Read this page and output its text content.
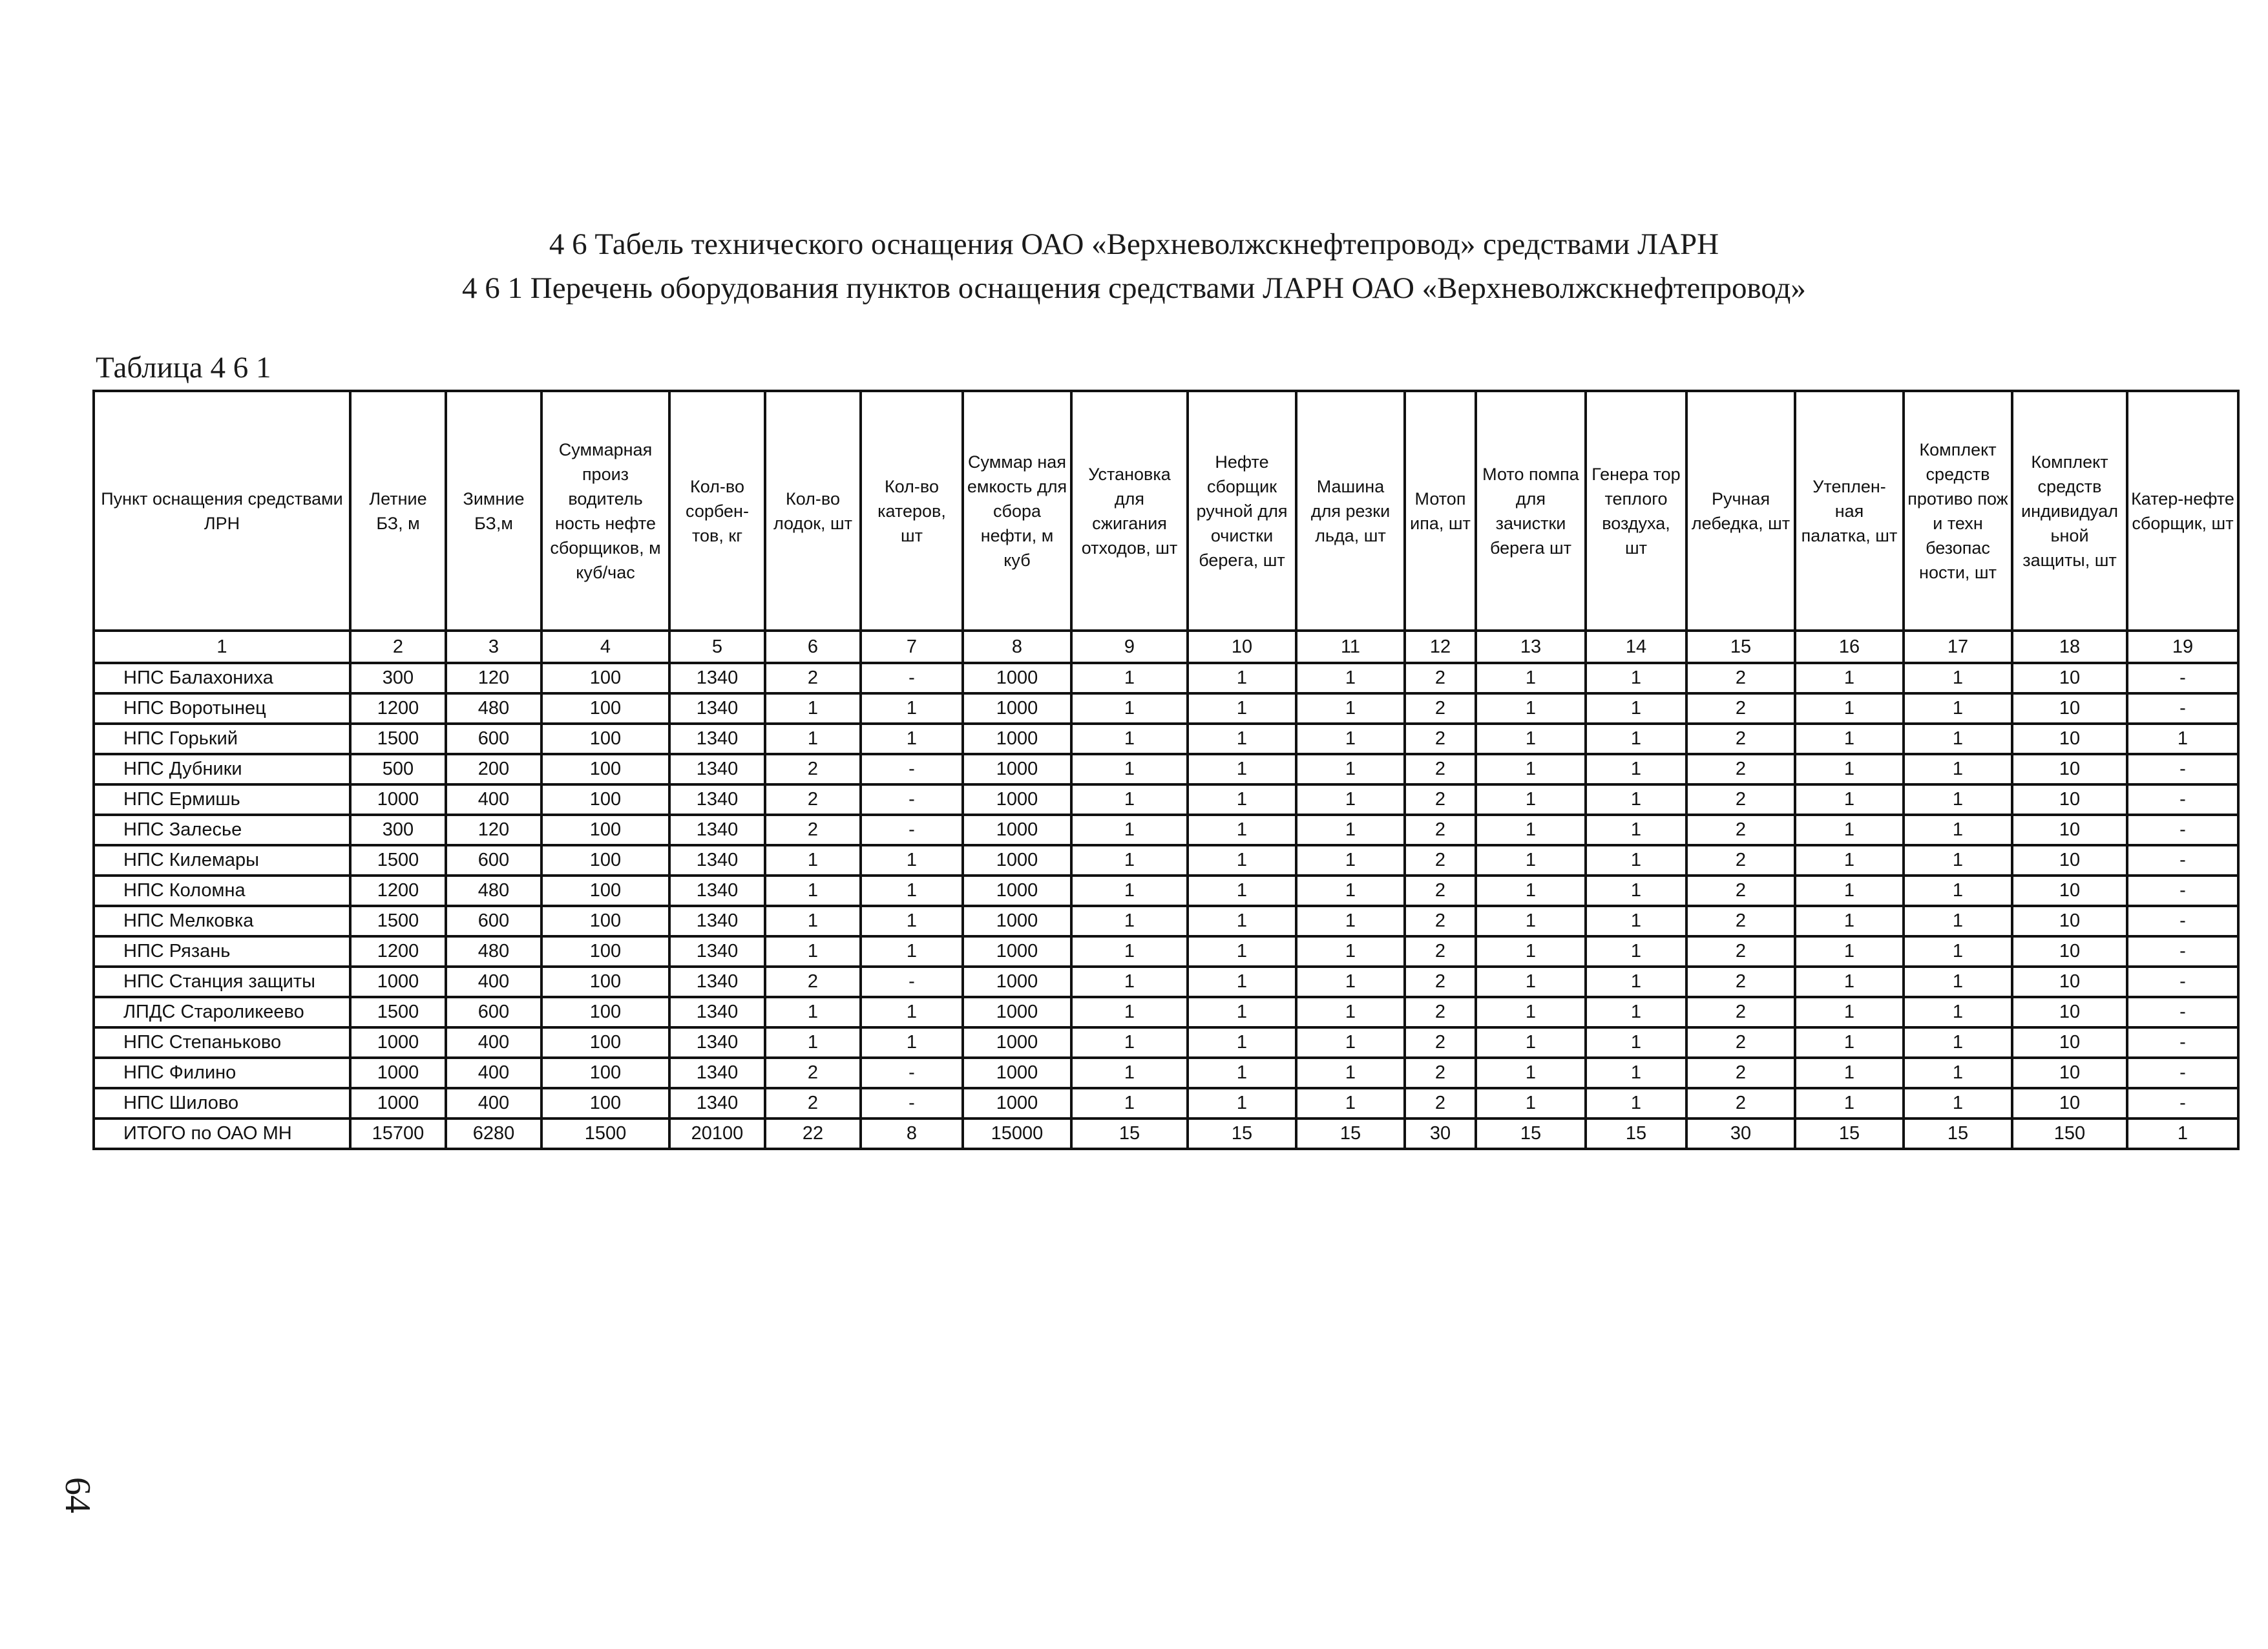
4 6 Табель технического оснащения ОАО «Верхневолжскнефтепровод» средствами ЛАРН
4 6 1 Перечень оборудования пунктов оснащения средствами ЛАРН ОАО «Верхневолжскнефтепровод»
Таблица 4 6 1
Пункт оснащения средствами ЛРН	Летние БЗ, м	Зимние БЗ,м	Суммарная произ водитель ность нефте сборщиков, м куб/час	Кол-во сорбен-тов, кг	Кол-во лодок, шт	Кол-во катеров, шт	Суммар ная емкость для сбора нефти, м куб	Установка для сжигания отходов, шт	Нефте сборщик ручной для очистки берега, шт	Машина для резки льда, шт	Мотоп ипа, шт	Мото помпа для зачистки берега шт	Генера тор теплого воздуха, шт	Ручная лебедка, шт	Утеплен-ная палатка, шт	Комплект средств противо пож и техн безопас ности, шт	Комплект средств индивидуал ьной защиты, шт	Катер-нефте сборщик, шт
1	2	3	4	5	6	7	8	9	10	11	12	13	14	15	16	17	18	19
НПС Балахониха	300	120	100	1340	2	-	1000	1	1	1	2	1	1	2	1	1	10	-
НПС Воротынец	1200	480	100	1340	1	1	1000	1	1	1	2	1	1	2	1	1	10	-
НПС Горький	1500	600	100	1340	1	1	1000	1	1	1	2	1	1	2	1	1	10	1
НПС Дубники	500	200	100	1340	2	-	1000	1	1	1	2	1	1	2	1	1	10	-
НПС Ермишь	1000	400	100	1340	2	-	1000	1	1	1	2	1	1	2	1	1	10	-
НПС Залесье	300	120	100	1340	2	-	1000	1	1	1	2	1	1	2	1	1	10	-
НПС Килемары	1500	600	100	1340	1	1	1000	1	1	1	2	1	1	2	1	1	10	-
НПС Коломна	1200	480	100	1340	1	1	1000	1	1	1	2	1	1	2	1	1	10	-
НПС Мелковка	1500	600	100	1340	1	1	1000	1	1	1	2	1	1	2	1	1	10	-
НПС Рязань	1200	480	100	1340	1	1	1000	1	1	1	2	1	1	2	1	1	10	-
НПС Станция защиты	1000	400	100	1340	2	-	1000	1	1	1	2	1	1	2	1	1	10	-
ЛПДС Староликеево	1500	600	100	1340	1	1	1000	1	1	1	2	1	1	2	1	1	10	-
НПС Степаньково	1000	400	100	1340	1	1	1000	1	1	1	2	1	1	2	1	1	10	-
НПС Филино	1000	400	100	1340	2	-	1000	1	1	1	2	1	1	2	1	1	10	-
НПС Шилово	1000	400	100	1340	2	-	1000	1	1	1	2	1	1	2	1	1	10	-
ИТОГО по ОАО МН	15700	6280	1500	20100	22	8	15000	15	15	15	30	15	15	30	15	15	150	1
64
